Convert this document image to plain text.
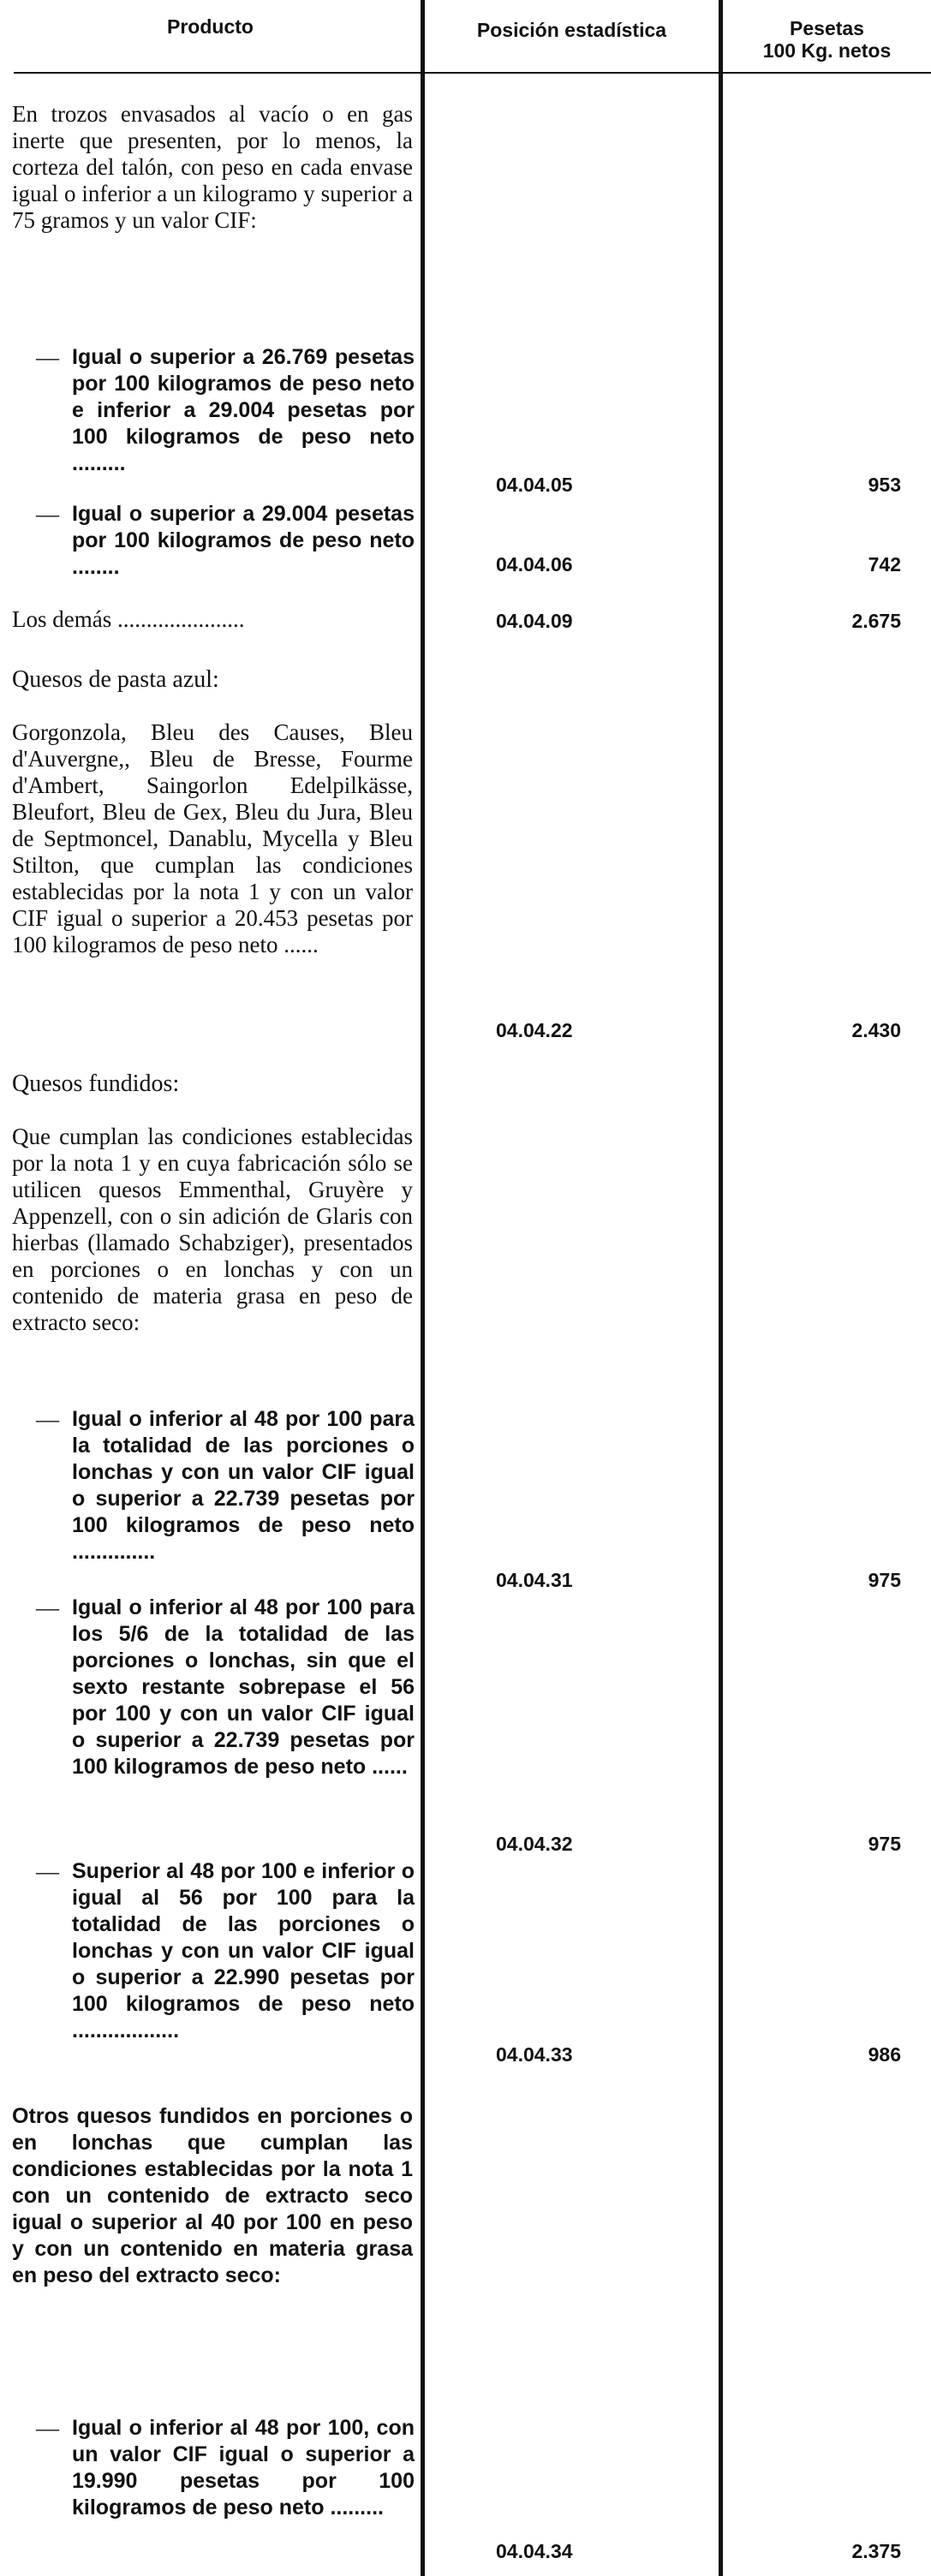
Producto	Posición estadística	Pesetas
100 Kg. netos

En trozos envasados al vacío o en gas inerte que presenten, por lo menos, la corteza del talón, con peso en cada envase igual o inferior a un kilogramo y superior a 75 gramos y un valor CIF:

— Igual o superior a 26.769 pesetas por 100 kilogramos de peso neto e inferior a 29.004 pesetas por 100 kilogramos de peso neto .........
04.04.05	953
— Igual o superior a 29.004 pesetas por 100 kilogramos de peso neto ........	04.04.06	742

Los demás ......................	04.04.09	2.675

Quesos de pasta azul:

Gorgonzola, Bleu des Causes, Bleu d'Auvergne,, Bleu de Bresse, Fourme d'Ambert, Saingorlon Edelpilkässe, Bleufort, Bleu de Gex, Bleu du Jura, Bleu de Septmoncel, Danablu, Mycella y Bleu Stilton, que cumplan las condiciones establecidas por la nota 1 y con un valor CIF igual o superior a 20.453 pesetas por 100 kilogramos de peso neto ......

04.04.22	2.430

Quesos fundidos:

Que cumplan las condiciones establecidas por la nota 1 y en cuya fabricación sólo se utilicen quesos Emmenthal, Gruyère y Appenzell, con o sin adición de Glaris con hierbas (llamado Schabziger), presentados en porciones o en lonchas y con un contenido de materia grasa en peso de extracto seco:

— Igual o inferior al 48 por 100 para la totalidad de las porciones o lonchas y con un valor CIF igual o superior a 22.739 pesetas por 100 kilogramos de peso neto ..............
04.04.31	975
— Igual o inferior al 48 por 100 para los 5/6 de la totalidad de las porciones o lonchas, sin que el sexto restante sobrepase el 56 por 100 y con un valor CIF igual o superior a 22.739 pesetas por 100 kilogramos de peso neto ......
04.04.32	975
— Superior al 48 por 100 e inferior o igual al 56 por 100 para la totalidad de las porciones o lonchas y con un valor CIF igual o superior a 22.990 pesetas por 100 kilogramos de peso neto ..................
04.04.33	986

Otros quesos fundidos en porciones o en lonchas que cumplan las condiciones establecidas por la nota 1 con un contenido de extracto seco igual o superior al 40 por 100 en peso y con un contenido en materia grasa en peso del extracto seco:

— Igual o inferior al 48 por 100, con un valor CIF igual o superior a 19.990 pesetas por 100 kilogramos de peso neto .........
04.04.34	2.375
